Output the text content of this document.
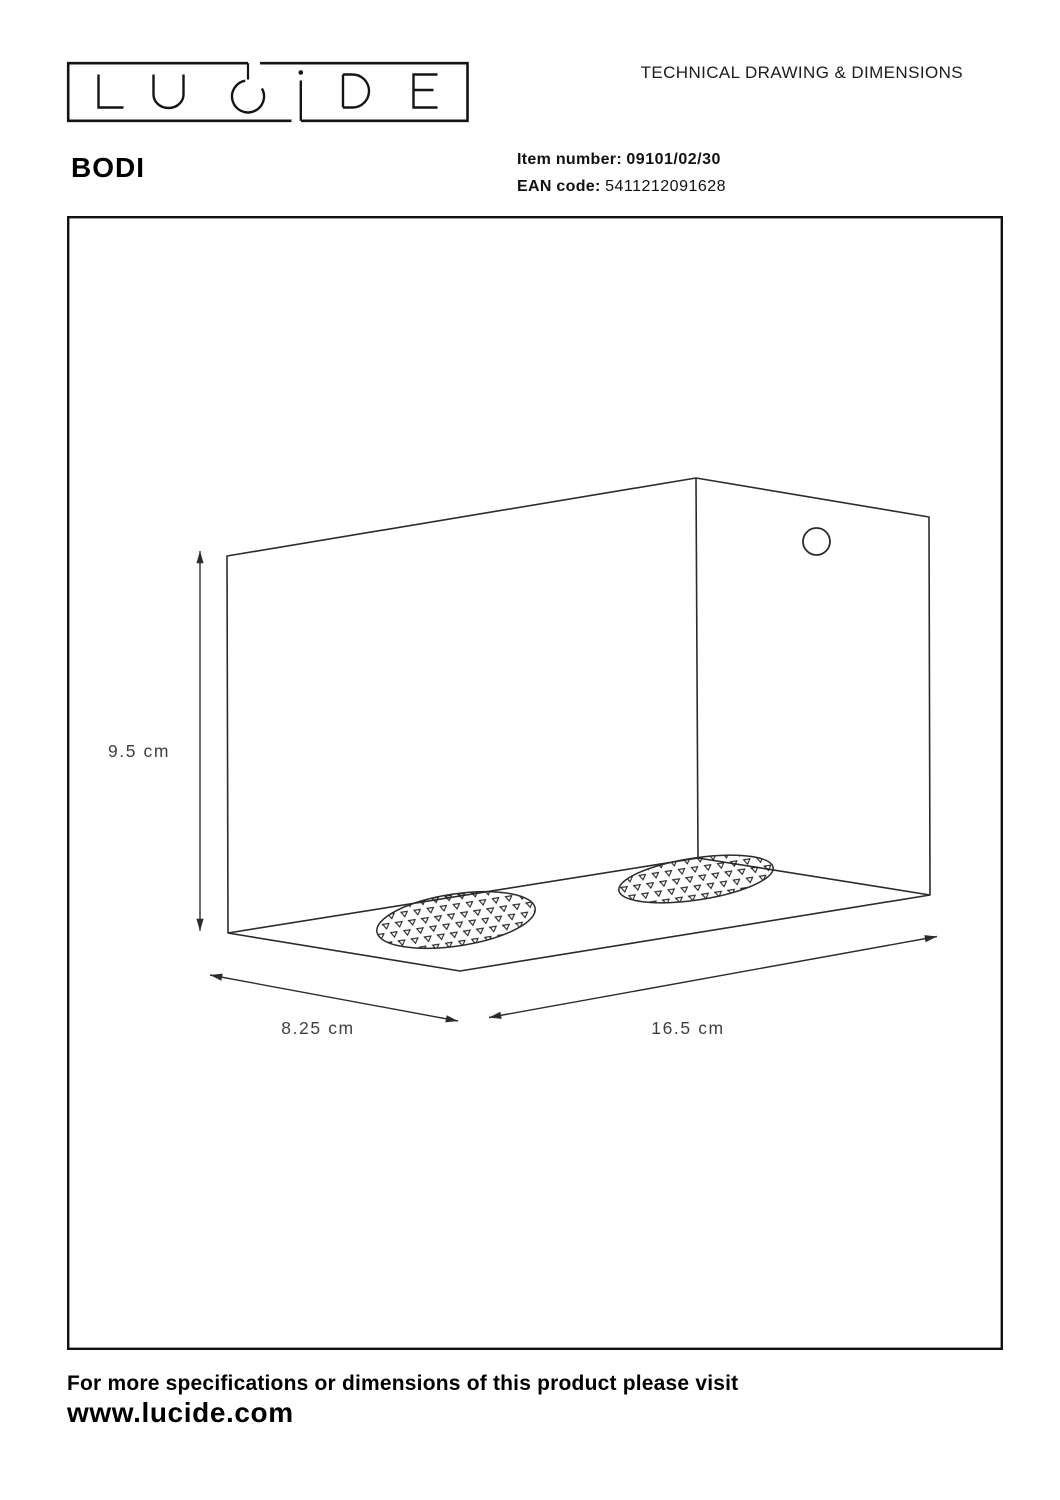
TECHNICAL DRAWING & DIMENSIONS
BODI	Item number: 09101/02/30
EAN code: 5411212091628
9.5 cm
8.25 cm	16.5 cm
For more specifications or dimensions of this product please visit
www.lucide.com
